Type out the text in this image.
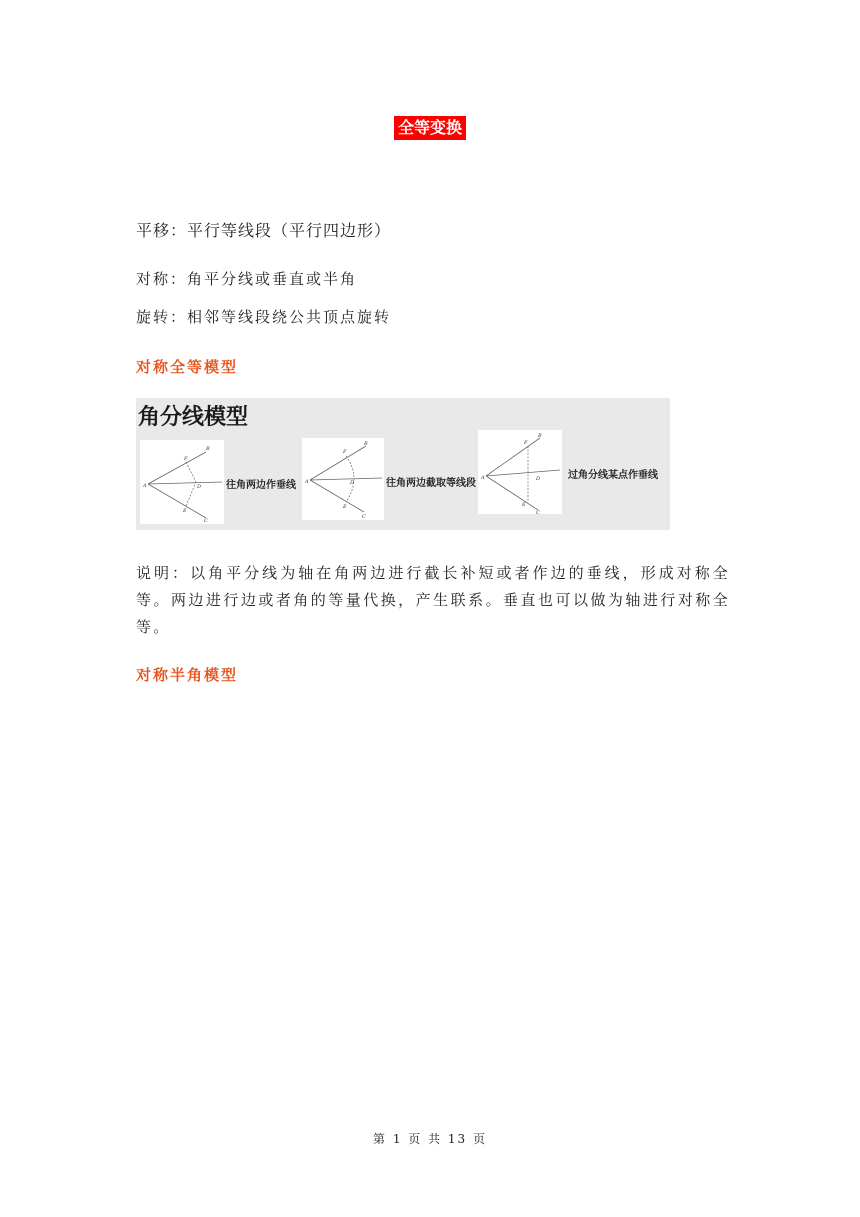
全等变换
平移：平行等线段（平行四边形）
对称：角平分线或垂直或半角
旋转：相邻等线段绕公共顶点旋转
对称全等模型
角分线模型
A
B
C
D
F
E
往角两边作垂线 A
B
C
D
F
E
往角两边截取等线段 A
B
C
D
F
E
过角分线某点作垂线
说明：以角平分线为轴在角两边进行截长补短或者作边的垂线，形成对称全等。两边进行边或者角的等量代换，产生联系。垂直也可以做为轴进行对称全等。
对称半角模型
第 1 页 共 13 页
